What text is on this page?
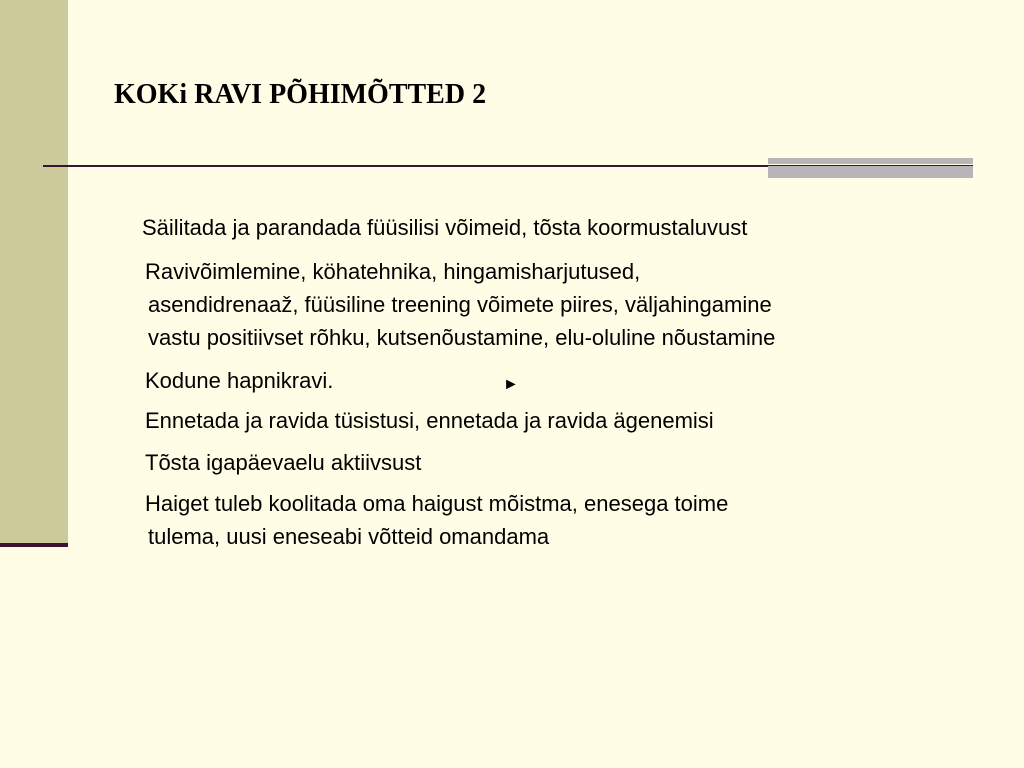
KOKi RAVI PÕHIMÕTTED 2

Säilitada ja parandada füüsilisi võimeid, tõsta koormustaluvust

Ravivõimlemine, köhatehnika, hingamisharjutused,

asendidrenaaž, füüsiline treening võimete piires, väljahingamine

vastu positiivset rõhku, kutsenõustamine, elu-oluline nõustamine

Kodune hapnikravi.

Ennetada ja ravida tüsistusi, ennetada ja ravida ägenemisi

Tõsta igapäevaelu aktiivsust

Haiget tuleb koolitada oma haigust mõistma, enesega toime

tulema, uusi eneseabi võtteid omandama

►
